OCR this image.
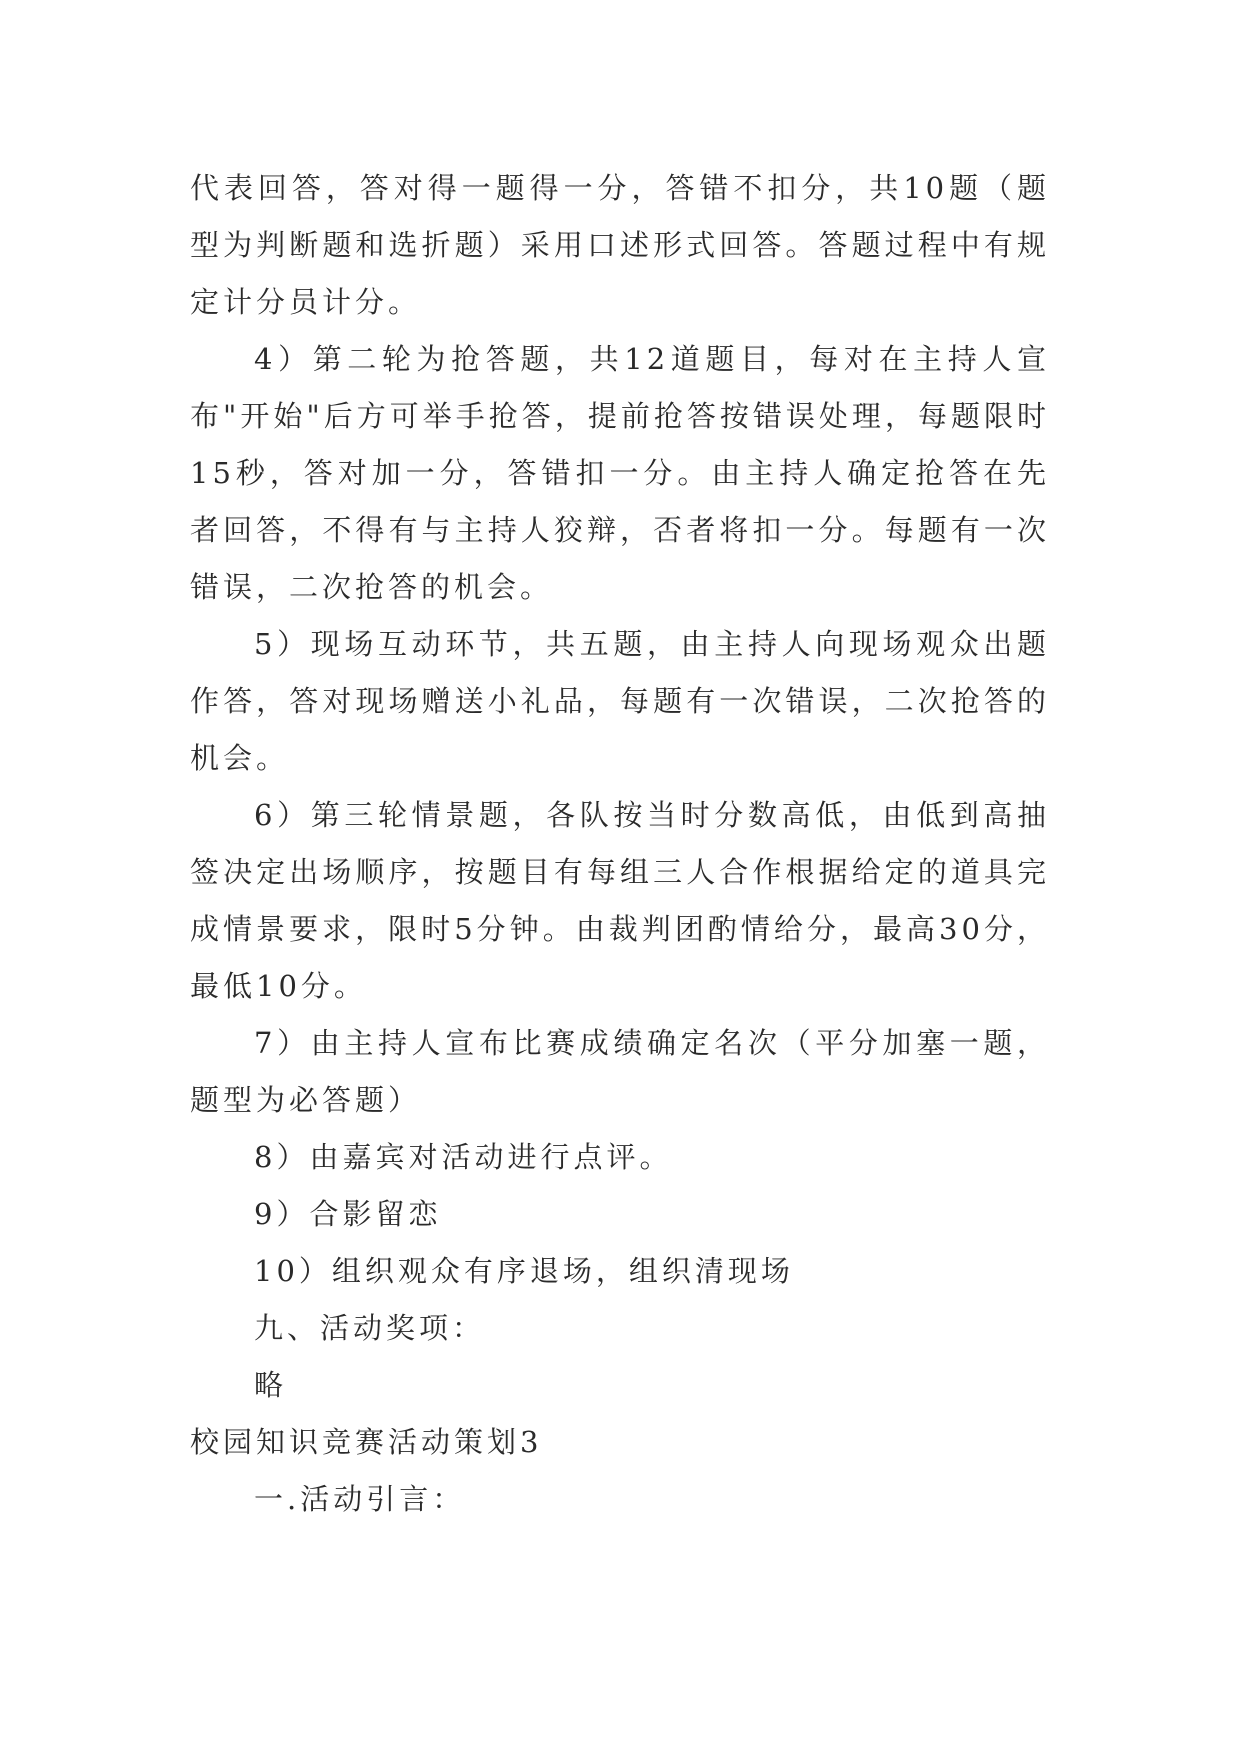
代表回答，答对得一题得一分，答错不扣分，共10题（题型为判断题和选折题）采用口述形式回答。答题过程中有规定计分员计分。

4）第二轮为抢答题，共12道题目，每对在主持人宣布"开始"后方可举手抢答，提前抢答按错误处理，每题限时15秒，答对加一分，答错扣一分。由主持人确定抢答在先者回答，不得有与主持人狡辩，否者将扣一分。每题有一次错误，二次抢答的机会。

5）现场互动环节，共五题，由主持人向现场观众出题作答，答对现场赠送小礼品，每题有一次错误，二次抢答的机会。

6）第三轮情景题，各队按当时分数高低，由低到高抽签决定出场顺序，按题目有每组三人合作根据给定的道具完成情景要求，限时5分钟。由裁判团酌情给分，最高30分，最低10分。

7）由主持人宣布比赛成绩确定名次（平分加塞一题，题型为必答题）

8）由嘉宾对活动进行点评。

9）合影留恋

10）组织观众有序退场，组织清现场

九、活动奖项：

略

校园知识竞赛活动策划3

一.活动引言：
